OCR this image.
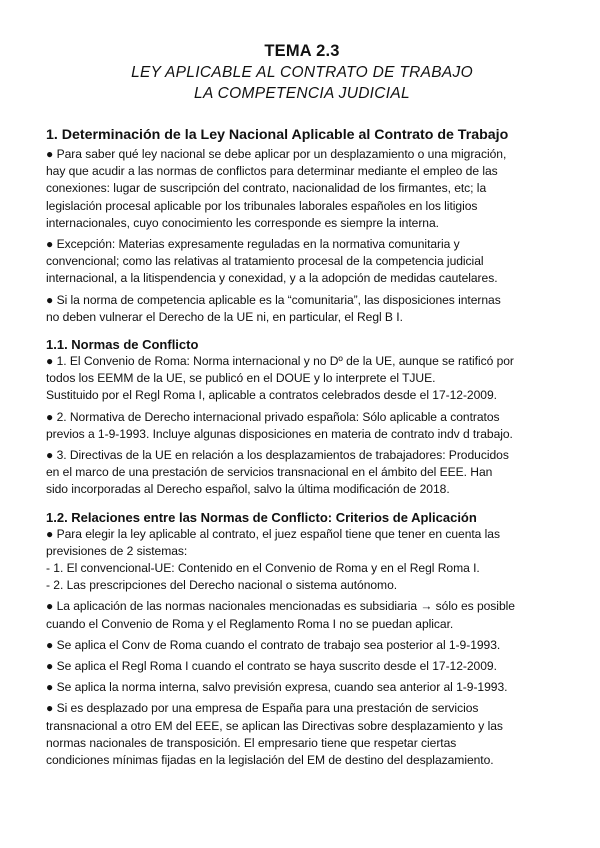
TEMA 2.3
LEY APLICABLE AL CONTRATO DE TRABAJO
LA COMPETENCIA JUDICIAL
1. Determinación de la Ley Nacional Aplicable al Contrato de Trabajo

● Para saber qué ley nacional se debe aplicar por un desplazamiento o una migración,
hay que acudir a las normas de conflictos para determinar mediante el empleo de las
conexiones: lugar de suscripción del contrato, nacionalidad de los firmantes, etc; la
legislación procesal aplicable por los tribunales laborales españoles en los litigios
internacionales, cuyo conocimiento les corresponde es siempre la interna.

● Excepción: Materias expresamente reguladas en la normativa comunitaria y
convencional; como las relativas al tratamiento procesal de la competencia judicial
internacional, a la litispendencia y conexidad, y a la adopción de medidas cautelares.

● Si la norma de competencia aplicable es la “comunitaria”, las disposiciones internas
no deben vulnerar el Derecho de la UE ni, en particular, el Regl B I.

1.1. Normas de Conflicto

● 1. El Convenio de Roma: Norma internacional y no Dº de la UE, aunque se ratificó por
todos los EEMM de la UE, se publicó en el DOUE y lo interprete el TJUE.
Sustituido por el Regl Roma I, aplicable a contratos celebrados desde el 17-12-2009.

● 2. Normativa de Derecho internacional privado española: Sólo aplicable a contratos
previos a 1-9-1993. Incluye algunas disposiciones en materia de contrato indv d trabajo.

● 3. Directivas de la UE en relación a los desplazamientos de trabajadores: Producidos
en el marco de una prestación de servicios transnacional en el ámbito del EEE. Han
sido incorporadas al Derecho español, salvo la última modificación de 2018.

1.2. Relaciones entre las Normas de Conflicto: Criterios de Aplicación

● Para elegir la ley aplicable al contrato, el juez español tiene que tener en cuenta las
previsiones de 2 sistemas:
- 1. El convencional-UE: Contenido en el Convenio de Roma y en el Regl Roma I.
- 2. Las prescripciones del Derecho nacional o sistema autónomo.

● La aplicación de las normas nacionales mencionadas es subsidiaria → sólo es posible
cuando el Convenio de Roma y el Reglamento Roma I no se puedan aplicar.

● Se aplica el Conv de Roma cuando el contrato de trabajo sea posterior al 1-9-1993.

● Se aplica el Regl Roma I cuando el contrato se haya suscrito desde el 17-12-2009.

● Se aplica la norma interna, salvo previsión expresa, cuando sea anterior al 1-9-1993.

● Si es desplazado por una empresa de España para una prestación de servicios
transnacional a otro EM del EEE, se aplican las Directivas sobre desplazamiento y las
normas nacionales de transposición. El empresario tiene que respetar ciertas
condiciones mínimas fijadas en la legislación del EM de destino del desplazamiento.
